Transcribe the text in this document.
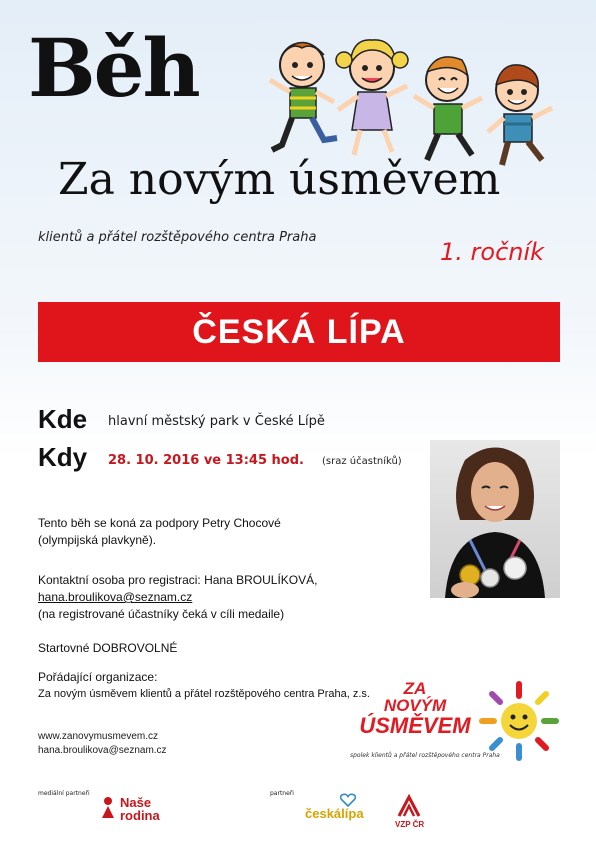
Běh
Za novým úsměvem
klientů a přátel rozštěpového centra Praha
1. ročník
ČESKÁ LÍPA
Kde hlavní městský park v České Lípě
Kdy 28. 10. 2016 ve 13:45 hod. (sraz účastníků)
Tento běh se koná za podpory Petry Chocové
(olympijská plavkyně).
Kontaktní osoba pro registraci: Hana BROULÍKOVÁ,
hana.broulikova@seznam.cz
(na registrované účastníky čeká v cíli medaile)
Startovné DOBROVOLNÉ
Pořádající organizace:
Za novým úsměvem klientů a přátel rozštěpového centra Praha, z.s.
www.zanovymusmevem.cz
hana.broulikova@seznam.cz
ZA
NOVÝM
ÚSMĚVEM
spolek klientů a přátel rozštěpového centra Praha
mediální partneři
Naše
rodina
partneři
českálípa
VZP ČR
